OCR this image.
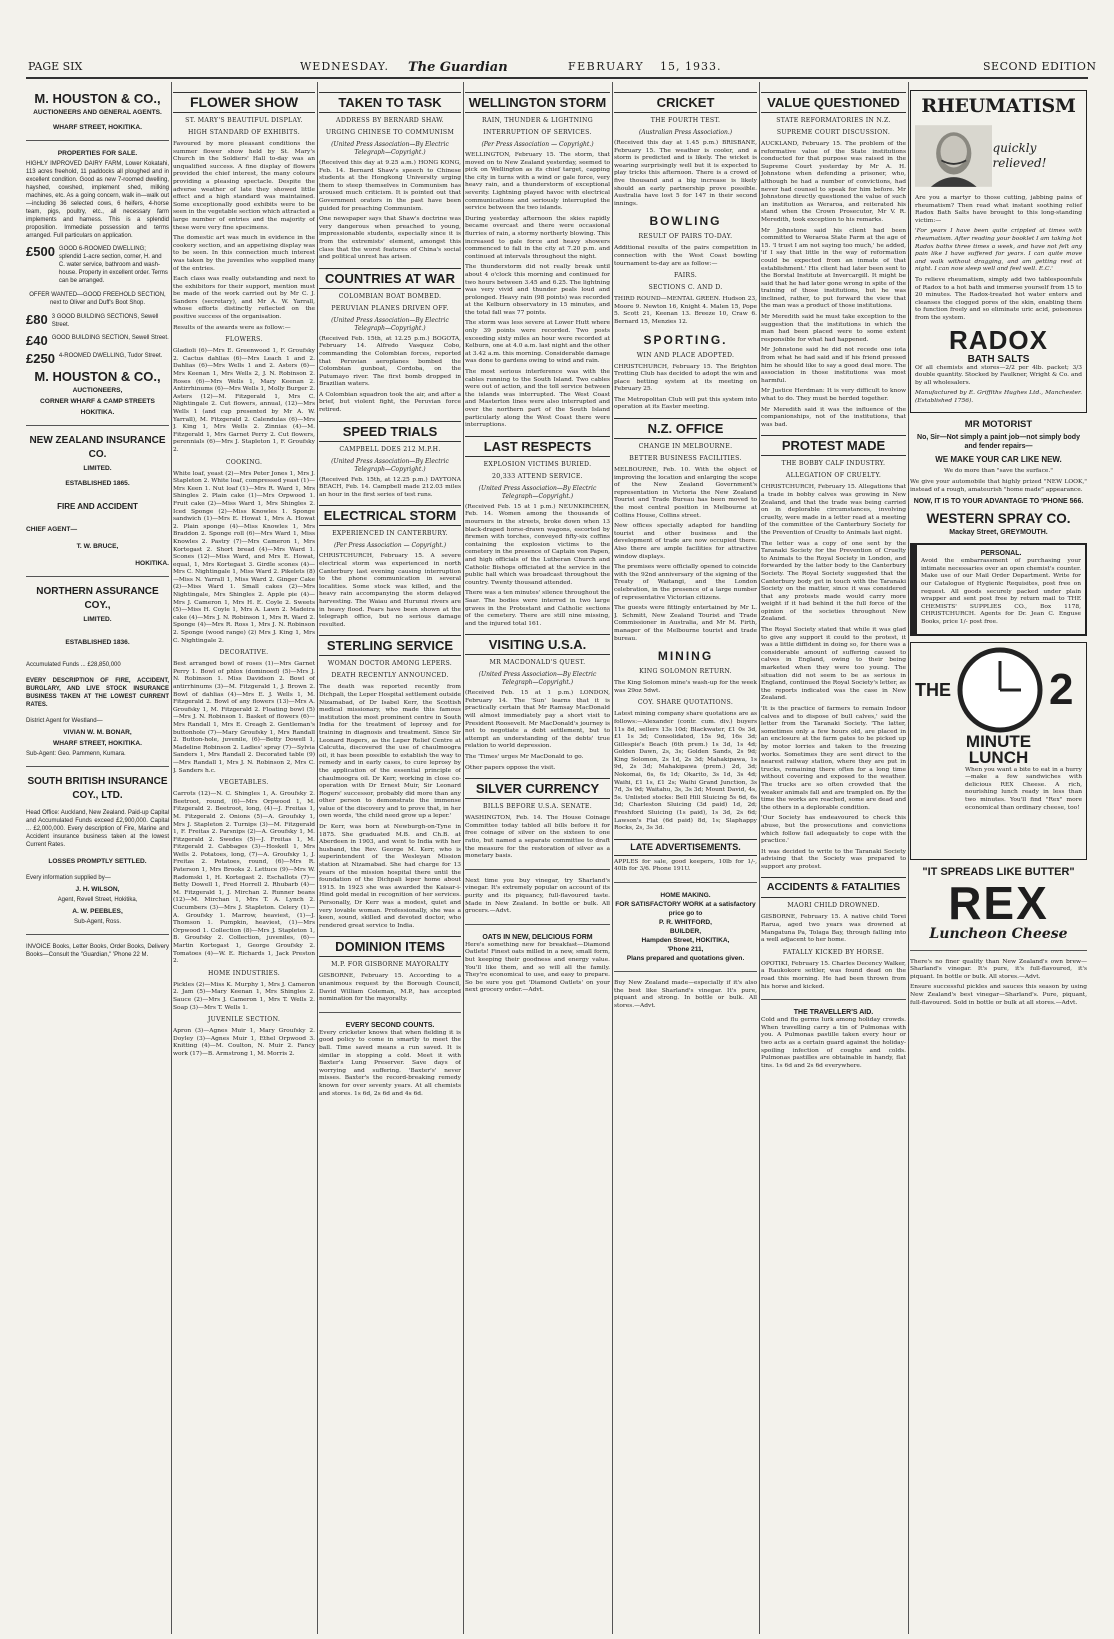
PAGE SIX	WEDNESDAY. The Guardian	FEBRUARY 15, 1933.	SECOND EDITION
M. HOUSTON & CO.,
AUCTIONEERS AND GENERAL AGENTS.
WHARF STREET, HOKITIKA.
PROPERTIES FOR SALE.

HIGHLY IMPROVED DAIRY FARM, Lower Kokatahi, 113 acres freehold, 11 paddocks all ploughed and in excellent condition. Good as new 7-roomed dwelling, hayshed, cowshed, implement shed, milking machines, etc. As a going concern, walk in—walk out—including 36 selected cows, 6 heifers, 4-horse team, pigs, poultry, etc., all necessary farm implements and harness. This is a splendid proposition. Immediate possession and terms arranged. Full particulars on application.

£500 GOOD 6-ROOMED DWELLING; splendid 1-acre section, corner, H. and C. water service, bathroom and wash-house. Property in excellent order. Terms can be arranged.

OFFER WANTED—GOOD FREEHOLD SECTION, next to Oliver and Duff's Boot Shop.

£80 3 GOOD BUILDING SECTIONS, Sewell Street.
£40 GOOD BUILDING SECTION, Sewell Street.
£250 4-ROOMED DWELLING, Tudor Street.
M. HOUSTON & CO.,
AUCTIONEERS,
CORNER WHARF & CAMP STREETS
HOKITIKA.
NEW ZEALAND INSURANCE CO.
LIMITED.
ESTABLISHED 1865.
FIRE AND ACCIDENT
CHIEF AGENT—
T. W. BRUCE,
HOKITIKA.
NORTHERN ASSURANCE COY.,
LIMITED.
ESTABLISHED 1836.

Accumulated Funds ... £28,850,000

EVERY DESCRIPTION OF FIRE, ACCIDENT, BURGLARY, AND LIVE STOCK INSURANCE BUSINESS TAKEN AT THE LOWEST CURRENT RATES.

District Agent for Westland—

VIVIAN W. M. BONAR,
WHARF STREET, HOKITIKA.

Sub-Agent: Geo. Pammenn, Kumara.

SOUTH BRITISH INSURANCE COY., LTD.

Head Office: Auckland, New Zealand. Paid-up Capital and Accumulated Funds exceed £2,900,000. Capital ... £2,000,000. Every description of Fire, Marine and Accident insurance business taken at the lowest Current Rates.

LOSSES PROMPTLY SETTLED.

Every information supplied by—

J. H. WILSON,

Agent, Revell Street, Hokitika,

A. W. PEEBLES,

Sub-Agent, Ross.

INVOICE Books, Letter Books, Order Books, Delivery Books—Consult the "Guardian," 'Phone 22 M.

FLOWER SHOW
ST. MARY'S BEAUTIFUL DISPLAY.
HIGH STANDARD OF EXHIBITS.

Favoured by more pleasant conditions the summer flower show held by St. Mary's Church in the Soldiers' Hall to-day was an unqualified success. A fine display of flowers provided the chief interest, the many colours providing a pleasing spectacle. Despite the adverse weather of late they showed little effect and a high standard was maintained. Some exceptionally good exhibits were to be seen in the vegetable section which attracted a large number of entries and the majority of these were very fine specimens.

The domestic art was much in evidence in the cookery section, and an appetising display was to be seen. In this connection much interest was taken by the juveniles who supplied many of the entries.

Each class was really outstanding and next to the exhibitors for their support, mention must be made of the work carried out by Mr C. J. Sanders (secretary), and Mr A. W. Yarrall, whose efforts distinctly reflected on the positive success of the organisation.

Results of the awards were as follow:—

FLOWERS.

Gladioli (6)—Mrs E. Greenwood 1, F. Groufsky 2. Cactus dahlias (6)—Mrs Leach 1 and 2. Dahlias (6)—Mrs Wells 1 and 2. Asters (6)—Mrs Keenan 1, Mrs Wells 2, J. N. Robinson 2. Roses (6)—Mrs Wells 1, Mary Keenan 2. Antirrhinums (6)—Mrs Wells 1, Molly Burger 2. Asters (12)—M. Fitzgerald 1, Mrs C. Nightingale 2. Cut flowers, annual, (12)—Mrs Wells 1 (and cup presented by Mr A. W. Yarrall), M. Fitzgerald 2. Calendulas (6)—Mrs J. King 1, Mrs Wells 2. Zinnias (4)—M. Fitzgerald 1, Mrs Garnet Perry 2. Cut flowers, perennials (6)—Mrs J. Stapleton 1, F. Groufsky 2.

COOKING.

White loaf, yeast (2)—Mrs Peter Jones 1, Mrs J. Stapleton 2. White loaf, compressed yeast (1)—Mrs Keen 1. Nut loaf (1)—Mrs R. Ward 1, Mrs Shingles 2. Plain cake (1)—Mrs Orpwood 1. Fruit cake (2)—Miss Ward 1, Mrs Shingles 2. Iced Sponge (2)—Miss Knowles 1. Sponge sandwich (1)—Mrs E. Howat 1, Mrs A. Howat 2. Plain sponge (4)—Miss Knowles 1, Mrs Braddon 2. Sponge roll (6)—Mrs Ward 1, Miss Knowles 2. Pastry (7)—Mrs Cameron 1, Mrs Kortegast 2. Short bread (4)—Mrs Ward 1. Scones (12)—Miss Ward, and Mrs E. Howat, equal, 1, Mrs Kortegast 3. Girdle scones (4)—Mrs C. Nightingale 1, Miss Ward 2. Pikelets (8)—Miss N. Yarrall 1, Miss Ward 2. Ginger Cake (2)—Miss Ward 1. Small cakes (2)—Mrs Nightingale, Mrs Shingles 2. Apple pie (4)—Mrs J. Cameron 1, Mrs H. E. Coyle 2. Sweets (5)—Miss H. Coyle 1, Mrs A. Lawn 2. Madeira cake (4)—Mrs J. N. Robinson 1, Mrs R. Ward 2. Sponge (4)—Mrs R. Ross 1, Mrs J. N. Robinson 2. Sponge (wood range) (2) Mrs J. King 1, Mrs C. Nightingale 2.

DECORATIVE.

Best arranged bowl of roses (1)—Mrs Garnet Perry 1. Bowl of phlox (dominoed) (5)—Mrs J. N. Robinson 1. Miss Davidson 2. Bowl of antirrhinums (3)—M. Fitzgerald 1, J. Brown 2. Bowl of dahlias (4)—Mrs E. J. Wells 1, M. Fitzgerald 2. Bowl of any flowers (13)—Mrs A. Groufsky 1, M. Fitzgerald 2. Floating bowl (5)—Mrs J. N. Robinson 1. Basket of flowers (6)—Mrs Randall 1, Mrs E. Creagh 2. Gentleman's buttonhole (7)—Mary Groufsky 1, Mrs Randall 2. Button-hole, juvenile, (6)—Betty Dowell 1, Madeline Robinson 2. Ladies' spray (7)—Sylvia Sanders 1, Mrs Randall 2. Decorated table (9)—Mrs Randall 1, Mrs J. N. Robinson 2, Mrs C. J. Sanders h.c.

VEGETABLES.

Carrots (12)—N. C. Shingles 1, A. Groufsky 2. Beetroot, round, (6)—Mrs Orpwood 1, M. Fitzgerald 2. Beetroot, long, (4)—J. Freitas 1, M. Fitzgerald 2. Onions (5)—A. Groufsky 1, Mrs J. Stapleton 2. Turnips (3)—M. Fitzgerald 1, F. Freitas 2. Parsnips (2)—A. Groufsky 1, M. Fitzgerald 2. Swedes (5)—J. Freitas 1, M. Fitzgerald 2. Cabbages (3)—Hoskell 1, Mrs Wells 2. Potatoes, long, (7)—A. Groufsky 1, J. Freitas 2. Potatoes, round, (6)—Mrs R. Paterson 1, Mrs Brooks 2. Lettuce (9)—Mrs W. Radomski 1, H. Kortegast 2. Eschallots (7)—Betty Dowell 1, Fred Horrell 2. Rhubarb (4)—M. Fitzgerald 1, J. Mirchan 2. Runner beans (12)—M. Mirchan 1, Mrs T. A. Lynch 2. Cucumbers (3)—Mrs J. Stapleton. Celery (1)—A. Groufsky 1. Marrow, heaviest, (1)—J. Thomson 1. Pumpkin, heaviest, (1)—Mrs Orpwood 1. Collection (8)—Mrs J. Stapleton 1, B. Groufsky 2. Collection, juveniles, (6)—Martin Kortegast 1, George Groufsky 2. Tomatoes (4)—W. E. Richards 1, Jack Preston 2.

HOME INDUSTRIES.

Pickles (2)—Miss K. Murphy 1, Mrs J. Cameron 2. Jam (5)—Mary Keenan 1, Mrs Shingles 2. Sauce (2)—Mrs J. Cameron 1, Mrs T. Wells 2. Soap (3)—Mrs T. Wells 1.

JUVENILE SECTION.

Apron (3)—Agnes Muir 1, Mary Groufsky 2. Doyley (3)—Agnes Muir 1, Ethel Orpwood 3. Knitting (4)—M. Coulton, N. Muir 2. Fancy work (17)—B. Armstrong 1, M. Morris 2.

TAKEN TO TASK
ADDRESS BY BERNARD SHAW.
URGING CHINESE TO COMMUNISM
(United Press Association—By Electric Telegraph—Copyright.)

(Received this day at 9.25 a.m.) HONG KONG, Feb. 14. Bernard Shaw's speech to Chinese students at the Hongkong University urging them to steep themselves in Communism has aroused much criticism. It is pointed out that Government orators in the past have been guided for preaching Communism.

One newspaper says that Shaw's doctrine was very dangerous when preached to young, impressionable students, especially since it is from the extremists' element, amongst this class that the worst features of China's social and political unrest has arisen.

COUNTRIES AT WAR
COLOMBIAN BOAT BOMBED.
PERUVIAN PLANES DRIVEN OFF.
(United Press Association—By Electric Telegraph—Copyright.)

(Received Feb. 15th, at 12.25 p.m.) BOGOTA, February 14. Alfredo Vasquez Cobo, commanding the Colombian forces, reported that Peruvian aeroplanes bombed the Colombian gunboat, Cordoba, on the Putumayo river. The first bomb dropped in Brazilian waters.

A Colombian squadron took the air, and after a brief, but violent fight, the Peruvian force retired.

SPEED TRIALS
CAMPBELL DOES 212 M.P.H.
(United Press Association—By Electric Telegraph—Copyright.)

(Received Feb. 15th, at 12.25 p.m.) DAYTONA BEACH, Feb. 14. Campbell made 212.03 miles an hour in the first series of test runs.

ELECTRICAL STORM
EXPERIENCED IN CANTERBURY.
(Per Press Association — Copyright.)

CHRISTCHURCH, February 15. A severe electrical storm was experienced in north Canterbury last evening causing interruption to the phone communication in several localities. Some stock was killed, and the heavy rain accompanying the storm delayed harvesting. The Waiau and Hurunui rivers are in heavy flood. Fears have been shown at the telegraph office, but no serious damage resulted.

STERLING SERVICE
WOMAN DOCTOR AMONG LEPERS.
DEATH RECENTLY ANNOUNCED.

The death was reported recently from Dichpali, the Leper Hospital settlement outside Nizamabad, of Dr Isabel Kerr, the Scottish medical missionary, who made this famous institution the most prominent centre in South India for the treatment of leprosy and for training in diagnosis and treatment. Since Sir Leonard Rogers, as the Leper Relief Centre at Calcutta, discovered the use of chaulmoogra oil, it has been possible to establish the way to remedy and in early cases, to cure leprosy by the application of the essential principle of chaulmoogra oil. Dr Kerr, working in close co-operation with Dr Ernest Muir, Sir Leonard Rogers' successor, probably did more than any other person to demonstrate the immense value of the discovery and to prove that, in her own words, 'the child need grow up a leper.'

Dr Kerr, was born at Newburgh-on-Tyne in 1875. She graduated M.B. and Ch.B. at Aberdeen in 1903, and went to India with her husband, the Rev. George M. Kerr, who is superintendent of the Wesleyan Mission station at Nizamabad. She had charge for 13 years of the mission hospital there until the foundation of the Dichpali leper home about 1915. In 1923 she was awarded the Kaisar-i-Hind gold medal in recognition of her services. Personally, Dr Kerr was a modest, quiet and very lovable woman. Professionally, she was a keen, sound, skilled and devoted doctor, who rendered great service to India.

DOMINION ITEMS
M.P. FOR GISBORNE MAYORALTY

GISBORNE, February 15. According to a unanimous request by the Borough Council, David William Coleman, M.P., has accepted nomination for the mayoralty.

EVERY SECOND COUNTS.

Every cricketer knows that when fielding it is good policy to come in smartly to meet the ball. Time saved means a run saved. It is similar in stopping a cold. Meet it with Baxter's Lung Preserver. Save days of worrying and suffering. 'Baxter's' never misses. Baxter's the record-breaking remedy known for over seventy years. At all chemists and stores. 1s 6d, 2s 6d and 4s 6d.

WELLINGTON STORM
RAIN, THUNDER & LIGHTNING
INTERRUPTION OF SERVICES.
(Per Press Association — Copyright.)

WELLINGTON, February 15. The storm, that moved on to New Zealand yesterday, seemed to pick on Wellington as its chief target, capping the city in turns with a wind or gale force, very heavy rain, and a thunderstorm of exceptional severity. Lightning played havoc with electrical communications and seriously interrupted the service between the two islands.

During yesterday afternoon the skies rapidly became overcast and there were occasional flurries of rain, a stormy northerly blowing. This increased to gale force and heavy showers commenced to fall in the city at 7.20 p.m. and continued at intervals throughout the night.

The thunderstorm did not really break until about 4 o'clock this morning and continued for two hours between 3.45 and 6.25. The lightning was very vivid and thunder peals loud and prolonged. Heavy rain (98 points) was recorded at the Kelburn observatory in 15 minutes, and the total fall was 77 points.

The storm was less severe at Lower Hutt where only 39 points were recorded. Two posts exceeding sixty miles an hour were recorded at Kelburn, one at 4.0 a.m. last night and the other at 3.42 a.m. this morning. Considerable damage was done to gardens owing to wind and rain.

The most serious interference was with the cables running to the South Island. Two cables were out of action, and the toll service between the islands was interrupted. The West Coast and Masterton lines were also interrupted and over the northern part of the South Island particularly along the West Coast there were interruptions.

LAST RESPECTS
EXPLOSION VICTIMS BURIED.
20,333 ATTEND SERVICE.
(United Press Association—By Electric Telegraph—Copyright.)

(Received Feb. 15 at 1 p.m.) NEUNKIRCHEN, Feb. 14. Women among the thousands of mourners in the streets, broke down when 13 black-draped horse-drawn wagons, escorted by firemen with torches, conveyed fifty-six coffins containing the explosion victims to the cemetery in the presence of Captain von Papen, and high officials of the Lutheran Church and Catholic Bishops officiated at the service in the public hall which was broadcast throughout the country. Twenty thousand attended.

There was a ten minutes' silence throughout the Saar. The bodies were interred in two large graves in the Protestant and Catholic sections of the cemetery. There are still nine missing, and the injured total 161.

VISITING U.S.A.
MR MACDONALD'S QUEST.
(United Press Association—By Electric Telegraph—Copyright.)

(Received Feb. 15 at 1 p.m.) LONDON, February 14. The 'Sun' learns that it is practically certain that Mr Ramsay MacDonald will almost immediately pay a short visit to President Roosevelt. Mr MacDonald's journey is not to negotiate a debt settlement, but to attempt an understanding of the debts' true relation to world depression.

The 'Times' urges Mr MacDonald to go.

Other papers oppose the visit.

SILVER CURRENCY
BILLS BEFORE U.S.A. SENATE.

WASHINGTON, Feb. 14. The House Coinage Committee today tabled all bills before it for free coinage of silver on the sixteen to one ratio, but named a separate committee to draft the measure for the restoration of silver as a monetary basis.

Next time you buy vinegar, try Sharland's vinegar. It's extremely popular on account of its purity and its piquancy, full-flavoured taste. Made in New Zealand. In bottle or bulk. All grocers.—Advt.

OATS IN NEW, DELICIOUS FORM

Here's something new for breakfast—Diamond Oatlets! Finest oats milled in a new, small form, but keeping their goodness and energy value. You'll like them, and so will all the family. They're economical to use, and easy to prepare. So be sure you get 'Diamond Oatlets' on your next grocery order.—Advt.

CRICKET
THE FOURTH TEST.
(Australian Press Association.)

(Received this day at 1.45 p.m.) BRISBANE, February 15. The weather is cooler, and a storm is predicted and is likely. The wicket is wearing surprisingly well but it is expected to play tricks this afternoon. There is a crowd of five thousand and a big increase is likely should an early partnership prove possible. Australia have lost 5 for 147 in their second innings.

BOWLING
RESULT OF PAIRS TO-DAY.

Additional results of the pairs competition in connection with the West Coast bowling tournament to-day are as follow:—

FAIRS.
SECTIONS C. AND D.

THIRD ROUND—MENTAL GREEN. Hudson 23, Moore 9. Newton 16, Knight 4. Malen 15, Pope 5. Scott 21, Keenan 13. Breeze 10, Craw 6. Bernard 15, Menzies 12.

SPORTING.
WIN AND PLACE ADOPTED.

CHRISTCHURCH, February 15. The Brighton Trotting Club has decided to adopt the win and place betting system at its meeting on February 25.

The Metropolitan Club will put this system into operation at its Easter meeting.

N.Z. OFFICE
CHANGE IN MELBOURNE.
BETTER BUSINESS FACILITIES.

MELBOURNE, Feb. 10. With the object of improving the location and enlarging the scope of the New Zealand Government's representation in Victoria the New Zealand Tourist and Trade Bureau has been moved to the most central position in Melbourne at Collins House, Collins street.

New offices specially adapted for handling tourist and other business and the development of trade are now occupied there. Also there are ample facilities for attractive window displays.

The premises were officially opened to coincide with the 92nd anniversary of the signing of the Treaty of Waitangi, and the London celebration, in the presence of a large number of representative Victorian citizens.

The guests were fittingly entertained by Mr L. J. Schmitt, New Zealand Tourist and Trade Commissioner in Australia, and Mr M. Firth, manager of the Melbourne tourist and trade bureau.

MINING
KING SOLOMON RETURN.

The King Solomon mine's wash-up for the week was 29oz 5dwt.

COY. SHARE QUOTATIONS.

Latest mining company share quotations are as follows:—Alexander (contr. cum. div.) buyers 11s 8d, sellers 13s 10d; Blackwater, £1 0s 3d, £1 1s 3d; Consolidated, 15s 9d, 16s 3d; Gillespie's Beach (6th prem.) 1s 3d, 1s 4d; Golden Dawn, 2s, 3s; Golden Sands, 2s 9d; King Solomon, 2s 1d, 2s 3d; Mahakipawa, 1s 9d, 2s 3d; Mahakipawa (prem.) 2d, 3d; Nokomai, 6s, 6s 1d; Okarito, 3s 1d, 3s 4d; Waihi, £1 1s, £1 2s; Waihi Grand Junction, 3s 7d, 3s 9d; Waitahu, 3s, 3s 3d; Mount David, 4s, 5s. Unlisted stocks: Bell Hill Sluicing 5s 6d, 6s 3d; Charleston Sluicing (3d paid) 1d, 2d; Freshford Sluicing (1s paid), 1s 3d, 2s 6d; Lawson's Flat (6d paid) 8d, 1s; Slaphappy Rocks, 2s, 3s 3d.

LATE ADVERTISEMENTS.

APPLES for sale, good keepers, 10lb for 1/-, 40lb for 3/6. Phone 191U.

HOME MAKING.
FOR SATISFACTORY WORK at a satisfactory price go to
P. R. WHITFORD,
BUILDER,
Hampden Street, HOKITIKA,
'Phone 211,
Plans prepared and quotations given.

Buy New Zealand made—especially if it's also the best like Sharland's vinegar. It's pure, piquant and strong. In bottle or bulk. All stores.—Advt.

VALUE QUESTIONED
STATE REFORMATORIES IN N.Z.
SUPREME COURT DISCUSSION.

AUCKLAND, February 15. The problem of the reformative value of the State institutions conducted for that purpose was raised in the Supreme Court yesterday by Mr A. H. Johnstone when defending a prisoner, who, although he had a number of convictions, had never had counsel to speak for him before. Mr Johnstone directly questioned the value of such an institution as Weraroa, and reiterated his stand when the Crown Prosecutor, Mr V. R. Meredith, took exception to his remarks.

Mr Johnstone said his client had been committed to Weraroa State Farm at the age of 15. 'I trust I am not saying too much,' he added, 'if I say that little in the way of reformation could be expected from an inmate of that establishment.' His client had later been sent to the Borstal Institute at Invercargill. It might be said that he had later gone wrong in spite of the training of those institutions, but he was inclined, rather, to put forward the view that the man was a product of those institutions.

Mr Meredith said he must take exception to the suggestion that the institutions in which the man had been placed were to some extent responsible for what had happened.

Mr Johnstone said he did not recede one iota from what he had said and if his friend pressed him he should like to say a good deal more. The association in those institutions was most harmful.

Mr Justice Herdman: It is very difficult to know what to do. They must be herded together.

Mr Meredith said it was the influence of the companionships, not of the institutions, that was bad.

PROTEST MADE
THE BOBBY CALF INDUSTRY.
ALLEGATION OF CRUELTY.

CHRISTCHURCH, February 15. Allegations that a trade in bobby calves was growing in New Zealand, and that the trade was being carried on in deplorable circumstances, involving cruelty, were made in a letter read at a meeting of the committee of the Canterbury Society for the Prevention of Cruelty to Animals last night.

The letter was a copy of one sent by the Taranaki Society for the Prevention of Cruelty to Animals to the Royal Society in London, and forwarded by the latter body to the Canterbury Society. The Royal Society suggested that the Canterbury body get in touch with the Taranaki Society on the matter, since it was considered that any protests made would carry more weight if it had behind it the full force of the opinion of the societies throughout New Zealand.

The Royal Society stated that while it was glad to give any support it could to the protest, it was a little diffident in doing so, for there was a considerable amount of suffering caused to calves in England, owing to their being marketed when they were too young. The situation did not seem to be as serious in England, continued the Royal Society's letter, as the reports indicated was the case in New Zealand.

'It is the practice of farmers to remain Indoor calves and to dispose of bull calves,' said the letter from the Taranaki Society. 'The latter, sometimes only a few hours old, are placed in an enclosure at the farm gates to be picked up by motor lorries and taken to the freezing works. Sometimes they are sent direct to the nearest railway station, where they are put in trucks, remaining there often for a long time without covering and exposed to the weather. The trucks are so often crowded that the weaker animals fall and are trampled on. By the time the works are reached, some are dead and the others in a deplorable condition.

'Our Society has endeavoured to check this abuse, but the prosecutions and convictions which follow fail adequately to cope with the practice.'

It was decided to write to the Taranaki Society advising that the Society was prepared to support any protest.

ACCIDENTS & FATALITIES
MAORI CHILD DROWNED.

GISBORNE, February 15. A native child Torei Rarua, aged two years was drowned at Mangatuna Pa, Tolaga Bay, through falling into a well adjacent to her home.

FATALLY KICKED BY HORSE.

OPOTIKI, February 15. Charles Decency Walker, a Raukokore settler, was found dead on the road this morning. He had been thrown from his horse and kicked.

THE TRAVELLER'S AID.

Cold and flu germs lurk among holiday crowds. When travelling carry a tin of Pulmonas with you. A Pulmonas pastille taken every hour or two acts as a certain guard against the holiday-spoiling infection of coughs and colds. Pulmonas pastilles are obtainable in handy, flat tins. 1s 6d and 2s 6d everywhere.

RHEUMATISM
quickly relieved!

Are you a martyr to those cutting, jabbing pains of rheumatism? Then read what instant soothing relief Radox Bath Salts have brought to this long-standing victim:—

'For years I have been quite crippled at times with rheumatism. After reading your booklet I am taking hot Radox baths three times a week, and have not felt any pain like I have suffered for years. I can quite move and walk without dragging, and am getting rest at night. I can now sleep well and feel well. E.C.'

To relieve rheumatism, simply add two tablespoonfuls of Radox to a hot bath and immerse yourself from 15 to 20 minutes. The Radox-treated hot water enters and cleanses the clogged pores of the skin, enabling them to function freely and so eliminate uric acid, poisonous from the system.

RADOX
BATH SALTS

Of all chemists and stores—2/2 per 4lb. packet; 3/3 double quantity. Stocked by Faulkner, Wright & Co. and by all wholesalers.

Manufactured by E. Griffiths Hughes Ltd., Manchester. (Established 1756).

MR MOTORIST
No, Sir—Not simply a paint job—not simply body and fender repairs—
WE MAKE YOUR CAR LIKE NEW.

We do more than "save the surface."

We give your automobile that highly prized "NEW LOOK," instead of a rough, amateurish "home made" appearance.

NOW, IT IS TO YOUR ADVANTAGE TO 'PHONE 566.
WESTERN SPRAY CO.
Mackay Street, GREYMOUTH.
PERSONAL.

Avoid the embarrassment of purchasing your intimate necessaries over an open chemist's counter. Make use of our Mail Order Department. Write for our Catalogue of Hygienic Requisites, post free on request. All goods securely packed under plain wrapper and sent post free by return mail to THE CHEMISTS' SUPPLIES CO., Box 1178, CHRISTCHURCH. Agents for Dr. Jean C. Enguse Books, price 1/- post free.

THE 2
MINUTE
LUNCH

When you want a bite to eat in a hurry—make a few sandwiches with delicious REX Cheese. A rich, nourishing lunch ready in less than two minutes. You'll find "Rex" more economical than ordinary cheese, too!

"IT SPREADS LIKE BUTTER"
REX
Luncheon Cheese

There's no finer quality than New Zealand's own brew—Sharland's vinegar. It's pure, it's full-flavoured, it's piquant. In bottle or bulk. All stores.—Advt.

Ensure successful pickles and sauces this season by using New Zealand's best vinegar—Sharland's. Pure, piquant, full-flavoured. Sold in bottle or bulk at all stores.—Advt.
